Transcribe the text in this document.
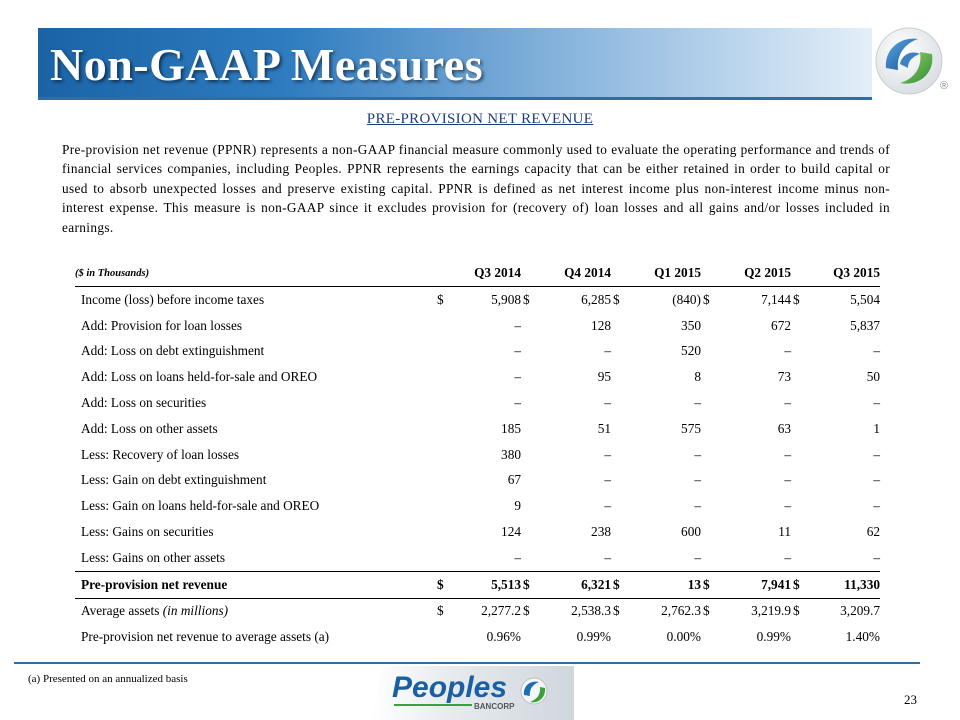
Non-GAAP Measures	®
PRE-PROVISION NET REVENUE
Pre-provision net revenue (PPNR) represents a non-GAAP financial measure commonly used to evaluate the operating performance and trends of financial services companies, including Peoples. PPNR represents the earnings capacity that can be either retained in order to build capital or used to absorb unexpected losses and preserve existing capital. PPNR is defined as net interest income plus non-interest income minus non-interest expense. This measure is non-GAAP since it excludes provision for (recovery of) loan losses and all gains and/or losses included in earnings.
($ in Thousands)	Q3 2014		Q4 2014		Q1 2015		Q2 2015		Q3 2015	
Income (loss) before income taxes	$	5,908	$	6,285	$	(840)	$	7,144	$	5,504
Add: Provision for loan losses		–		128		350		672		5,837
Add: Loss on debt extinguishment		–		–		520		–		–
Add: Loss on loans held-for-sale and OREO		–		95		8		73		50
Add: Loss on securities		–		–		–		–		–
Add: Loss on other assets		185		51		575		63		1
Less: Recovery of loan losses		380		–		–		–		–
Less: Gain on debt extinguishment		67		–		–		–		–
Less: Gain on loans held-for-sale and OREO		9		–		–		–		–
Less: Gains on securities		124		238		600		11		62
Less: Gains on other assets		–		–		–		–		–
Pre-provision net revenue	$	5,513	$	6,321	$	13	$	7,941	$	11,330
Average assets (in millions)	$	2,277.2	$	2,538.3	$	2,762.3	$	3,219.9	$	3,209.7
Pre-provision net revenue to average assets (a)		0.96%		0.99%		0.00%		0.99%		1.40%
(a) Presented on an annualized basis	Peoples
BANCORP	23
